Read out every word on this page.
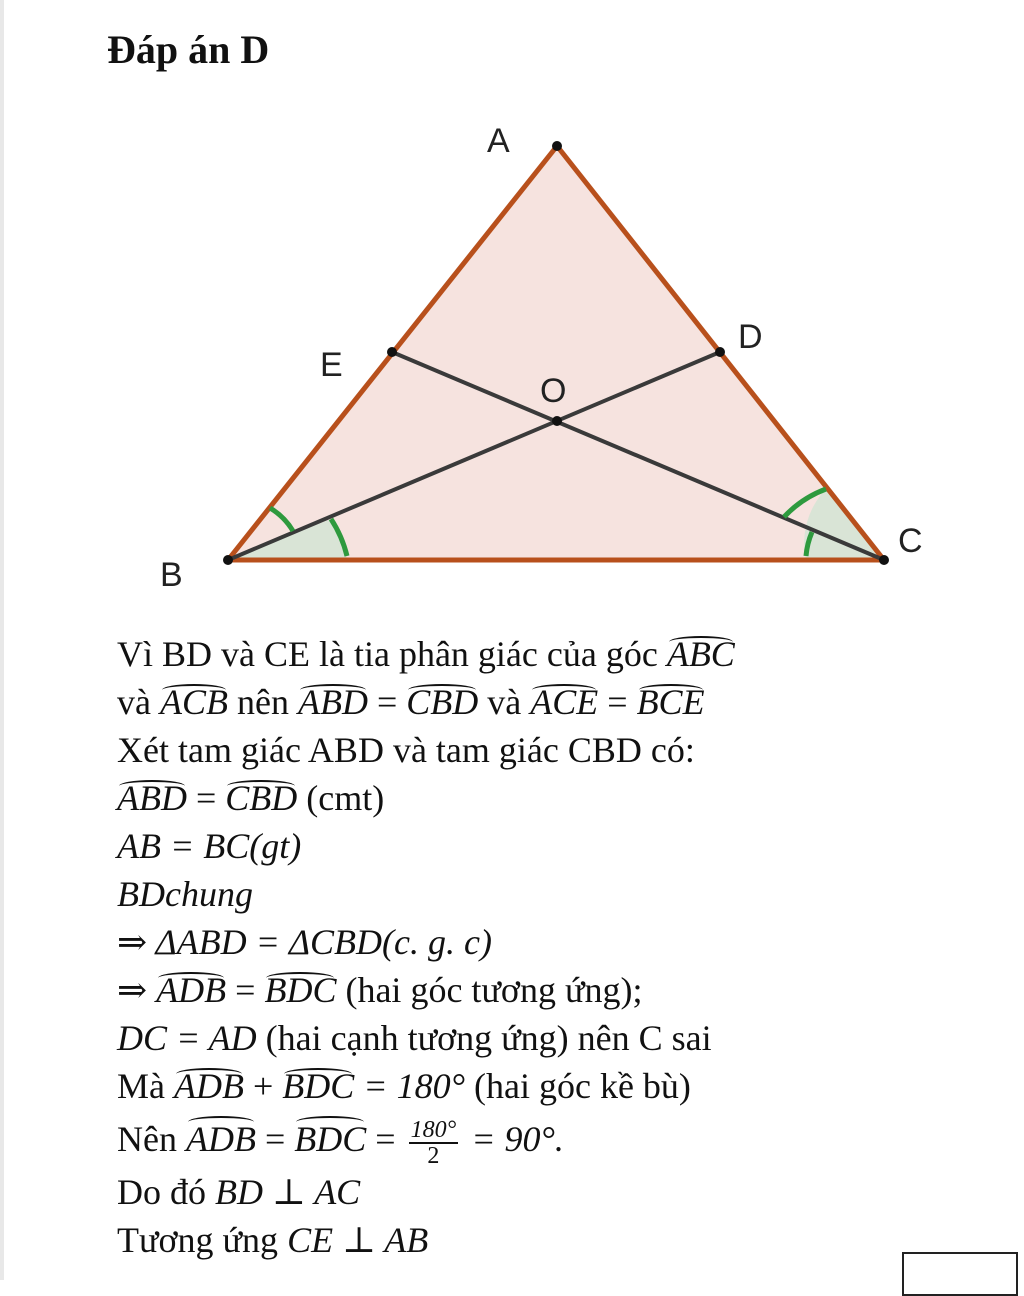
Đáp án D
A
B
C
D
E
O
Vì BD và CE là tia phân giác của góc ABC
và ACB nên ABD = CBD và ACE = BCE
Xét tam giác ABD và tam giác CBD có:
ABD = CBD (cmt)
AB = BC(gt)
BDchung
⇒ ΔABD = ΔCBD(c. g. c)
⇒ ADB = BDC (hai góc tương ứng);
DC = AD (hai cạnh tương ứng) nên C sai
Mà ADB + BDC = 180° (hai góc kề bù)
Nên ADB = BDC = $\frac{180^\circ}{2} = 90^\circ$.
Do đó BD ⊥ AC
Tương ứng CE ⊥ AB
